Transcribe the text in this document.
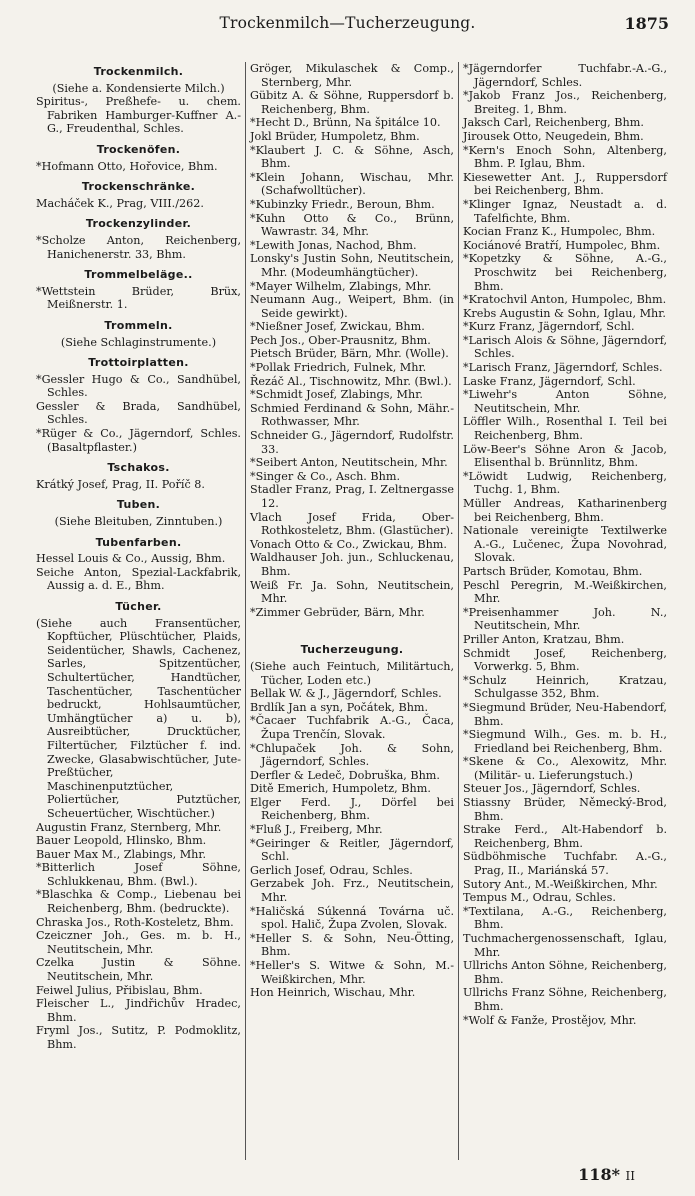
Trockenmilch—Tucherzeugung.	1875
Trockenmilch.
(Siehe a. Kondensierte Milch.)
Spiritus-, Preßhefe- u. chem. Fabriken Hamburger-Kuffner A.-G., Freudenthal, Schles.
Trockenöfen.
*Hofmann Otto, Hořovice, Bhm.
Trockenschränke.
Macháček K., Prag, VIII./262.
Trockenzylinder.
*Scholze Anton, Reichenberg, Hanichenerstr. 33, Bhm.
Trommelbeläge..
*Wettstein Brüder, Brüx, Meißnerstr. 1.
Trommeln.
(Siehe Schlaginstrumente.)
Trottoirplatten.
*Gessler Hugo & Co., Sandhübel, Schles.
Gessler & Brada, Sandhübel, Schles.
*Rüger & Co., Jägerndorf, Schles. (Basaltpflaster.)
Tschakos.
Krátký Josef, Prag, II. Poříč 8.
Tuben.
(Siehe Bleituben, Zinntuben.)
Tubenfarben.
Hessel Louis & Co., Aussig, Bhm.
Seiche Anton, Spezial-Lackfabrik, Aussig a. d. E., Bhm.
Tücher.
(Siehe auch Fransentücher, Kopftücher, Plüschtücher, Plaids, Seidentücher, Shawls, Cachenez, Sarles, Spitzentücher, Schultertücher, Handtücher, Taschentücher, Taschentücher bedruckt, Hohlsaumtücher, Umhängtücher a) u. b), Ausreibtücher, Drucktücher, Filtertücher, Filztücher f. ind. Zwecke, Glasabwischtücher, Jute-Preßtücher, Maschinenputztücher, Poliertücher, Putztücher, Scheuertücher, Wischtücher.)
Augustin Franz, Sternberg, Mhr.
Bauer Leopold, Hlinsko, Bhm.
Bauer Max M., Zlabings, Mhr.
*Bitterlich Josef Söhne, Schlukkenau, Bhm. (Bwl.).
*Blaschka & Comp., Liebenau bei Reichenberg, Bhm. (bedruckte).
Chraska Jos., Roth-Kosteletz, Bhm.
Czeiczner Joh., Ges. m. b. H., Neutitschein, Mhr.
Czelka Justin & Söhne. Neutitschein, Mhr.
Feiwel Julius, Přibislau, Bhm.
Fleischer L., Jindřichův Hradec, Bhm.
Fryml Jos., Sutitz, P. Podmoklitz, Bhm.
Gröger, Mikulaschek & Comp., Sternberg, Mhr.
Gübitz A. & Söhne, Ruppersdorf b. Reichenberg, Bhm.
*Hecht D., Brünn, Na špitálce 10.
Jokl Brüder, Humpoletz, Bhm.
*Klaubert J. C. & Söhne, Asch, Bhm.
*Klein Johann, Wischau, Mhr. (Schafwolltücher).
*Kubinzky Friedr., Beroun, Bhm.
*Kuhn Otto & Co., Brünn, Wawrastr. 34, Mhr.
*Lewith Jonas, Nachod, Bhm.
Lonsky's Justin Sohn, Neutitschein, Mhr. (Modeumhängtücher).
*Mayer Wilhelm, Zlabings, Mhr.
Neumann Aug., Weipert, Bhm. (in Seide gewirkt).
*Nießner Josef, Zwickau, Bhm.
Pech Jos., Ober-Prausnitz, Bhm.
Pietsch Brüder, Bärn, Mhr. (Wolle).
*Pollak Friedrich, Fulnek, Mhr.
Řezáč Al., Tischnowitz, Mhr. (Bwl.).
*Schmidt Josef, Zlabings, Mhr.
Schmied Ferdinand & Sohn, Mähr.-Rothwasser, Mhr.
Schneider G., Jägerndorf, Rudolfstr. 33.
*Seibert Anton, Neutitschein, Mhr.
*Singer & Co., Asch. Bhm.
Stadler Franz, Prag, I. Zeltnergasse 12.
Vlach Josef Frida, Ober-Rothkosteletz, Bhm. (Glastücher).
Vonach Otto & Co., Zwickau, Bhm.
Waldhauser Joh. jun., Schluckenau, Bhm.
Weiß Fr. Ja. Sohn, Neutitschein, Mhr.
*Zimmer Gebrüder, Bärn, Mhr.
Tucherzeugung.
(Siehe auch Feintuch, Militärtuch, Tücher, Loden etc.)
Bellak W. & J., Jägerndorf, Schles.
Brdlík Jan a syn, Počátek, Bhm.
*Čacaer Tuchfabrik A.-G., Čaca, Župa Trenčín, Slovak.
*Chlupaček Joh. & Sohn, Jägerndorf, Schles.
Derfler & Ledeč, Dobruška, Bhm.
Ditě Emerich, Humpoletz, Bhm.
Elger Ferd. J., Dörfel bei Reichenberg, Bhm.
*Fluß J., Freiberg, Mhr.
*Geiringer & Reitler, Jägerndorf, Schl.
Gerlich Josef, Odrau, Schles.
Gerzabek Joh. Frz., Neutitschein, Mhr.
*Haličská Súkenná Továrna uč. spol. Halič, Župa Zvolen, Slovak.
*Heller S. & Sohn, Neu-Ötting, Bhm.
*Heller's S. Witwe & Sohn, M.-Weißkirchen, Mhr.
Hon Heinrich, Wischau, Mhr.
*Jägerndorfer Tuchfabr.-A.-G., Jägerndorf, Schles.
*Jakob Franz Jos., Reichenberg, Breiteg. 1, Bhm.
Jaksch Carl, Reichenberg, Bhm.
Jirousek Otto, Neugedein, Bhm.
*Kern's Enoch Sohn, Altenberg, Bhm. P. Iglau, Bhm.
Kiesewetter Ant. J., Ruppersdorf bei Reichenberg, Bhm.
*Klinger Ignaz, Neustadt a. d. Tafelfichte, Bhm.
Kocian Franz K., Humpolec, Bhm.
Kociánové Bratří, Humpolec, Bhm.
*Kopetzky & Söhne, A.-G., Proschwitz bei Reichenberg, Bhm.
*Kratochvil Anton, Humpolec, Bhm.
Krebs Augustin & Sohn, Iglau, Mhr.
*Kurz Franz, Jägerndorf, Schl.
*Larisch Alois & Söhne, Jägerndorf, Schles.
*Larisch Franz, Jägerndorf, Schles.
Laske Franz, Jägerndorf, Schl.
*Liwehr's Anton Söhne, Neutitschein, Mhr.
Löffler Wilh., Rosenthal I. Teil bei Reichenberg, Bhm.
Löw-Beer's Söhne Aron & Jacob, Elisenthal b. Brünnlitz, Bhm.
*Löwidt Ludwig, Reichenberg, Tuchg. 1, Bhm.
Müller Andreas, Katharinenberg bei Reichenberg, Bhm.
Nationale vereinigte Textilwerke A.-G., Lučenec, Župa Novohrad, Slovak.
Partsch Brüder, Komotau, Bhm.
Peschl Peregrin, M.-Weißkirchen, Mhr.
*Preisenhammer Joh. N., Neutitschein, Mhr.
Priller Anton, Kratzau, Bhm.
Schmidt Josef, Reichenberg, Vorwerkg. 5, Bhm.
*Schulz Heinrich, Kratzau, Schulgasse 352, Bhm.
*Siegmund Brüder, Neu-Habendorf, Bhm.
*Siegmund Wilh., Ges. m. b. H., Friedland bei Reichenberg, Bhm.
*Skene & Co., Alexowitz, Mhr. (Militär- u. Lieferungstuch.)
Steuer Jos., Jägerndorf, Schles.
Stiassny Brüder, Německý-Brod, Bhm.
Strake Ferd., Alt-Habendorf b. Reichenberg, Bhm.
Südböhmische Tuchfabr. A.-G., Prag, II., Mariánská 57.
Sutory Ant., M.-Weißkirchen, Mhr.
Tempus M., Odrau, Schles.
*Textilana, A.-G., Reichenberg, Bhm.
Tuchmachergenossenschaft, Iglau, Mhr.
Ullrichs Anton Söhne, Reichenberg, Bhm.
Ullrichs Franz Söhne, Reichenberg, Bhm.
*Wolf & Fanže, Prostějov, Mhr.
118* II
